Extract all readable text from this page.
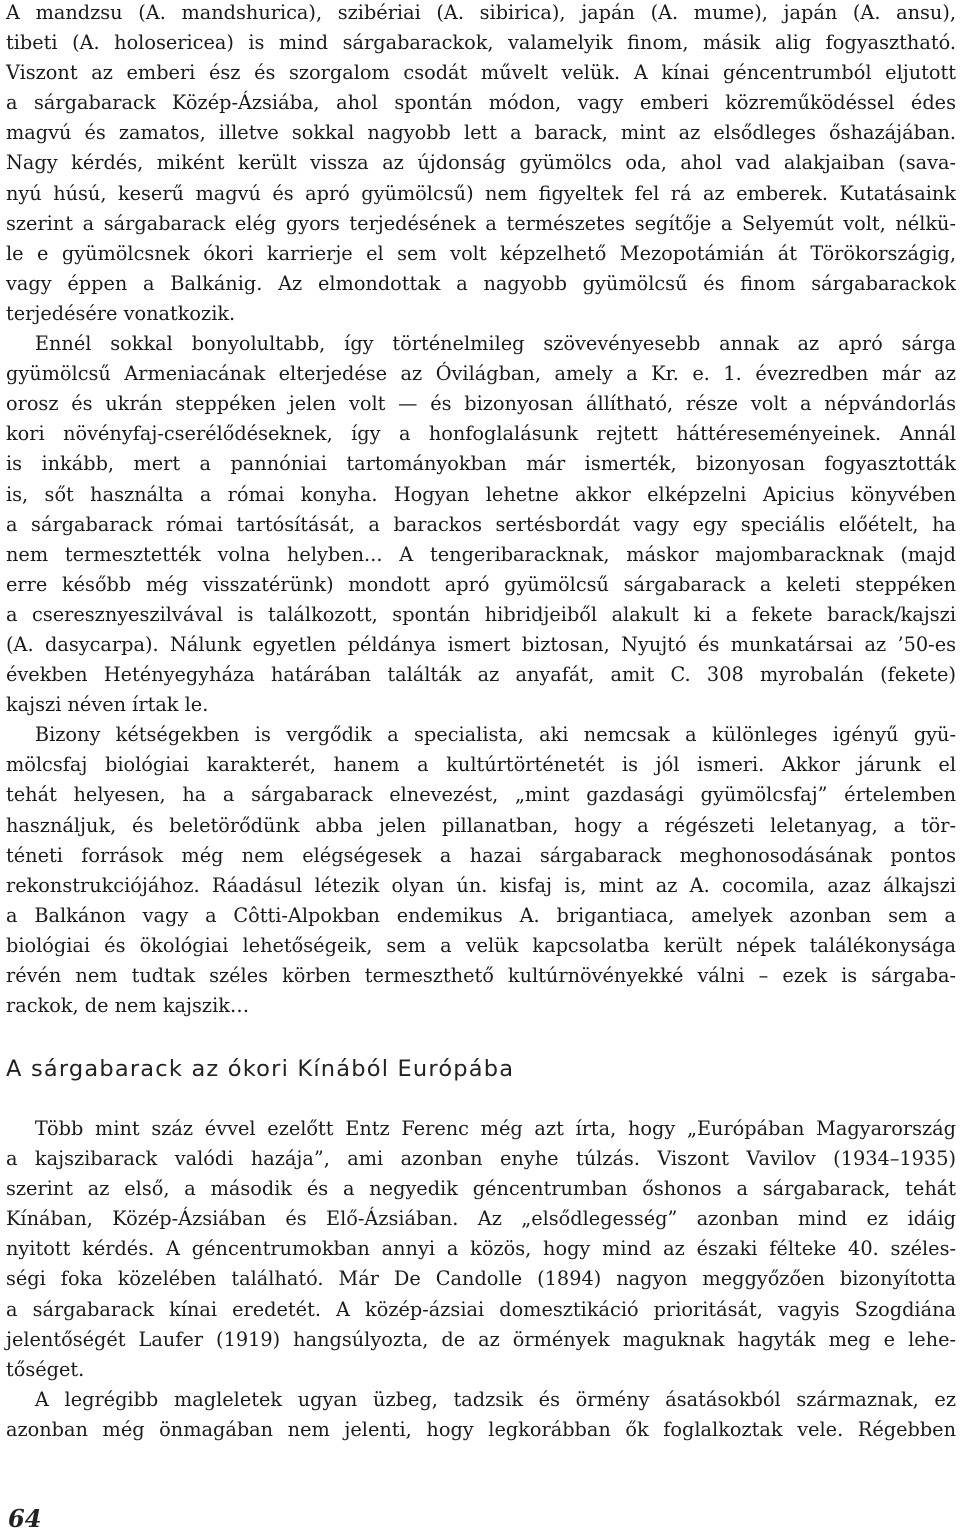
A mandzsu (A. mandshurica), szibériai (A. sibirica), japán (A. mume), japán (A. ansu),
tibeti (A. holosericea) is mind sárgabarackok, valamelyik finom, másik alig fogyasztható.
Viszont az emberi ész és szorgalom csodát művelt velük. A kínai géncentrumból eljutott
a sárgabarack Közép-Ázsiába, ahol spontán módon, vagy emberi közreműködéssel édes
magvú és zamatos, illetve sokkal nagyobb lett a barack, mint az elsődleges őshazájában.
Nagy kérdés, miként került vissza az újdonság gyümölcs oda, ahol vad alakjaiban (sava-
nyú húsú, keserű magvú és apró gyümölcsű) nem figyeltek fel rá az emberek. Kutatásaink
szerint a sárgabarack elég gyors terjedésének a természetes segítője a Selyemút volt, nélkü-
le e gyümölcsnek ókori karrierje el sem volt képzelhető Mezopotámián át Törökországig,
vagy éppen a Balkánig. Az elmondottak a nagyobb gyümölcsű és finom sárgabarackok
terjedésére vonatkozik.
  Ennél sokkal bonyolultabb, így történelmileg szövevényesebb annak az apró sárga
gyümölcsű Armeniacának elterjedése az Óvilágban, amely a Kr. e. 1. évezredben már az
orosz és ukrán steppéken jelen volt — és bizonyosan állítható, része volt a népvándorlás
kori növényfaj-cserélődéseknek, így a honfoglalásunk rejtett háttéreseményeinek. Annál
is inkább, mert a pannóniai tartományokban már ismerték, bizonyosan fogyasztották
is, sőt használta a római konyha. Hogyan lehetne akkor elképzelni Apicius könyvében
a sárgabarack római tartósítását, a barackos sertésbordát vagy egy speciális előételt, ha
nem termesztették volna helyben... A tengeribaracknak, máskor majombaracknak (majd
erre később még visszatérünk) mondott apró gyümölcsű sárgabarack a keleti steppéken
a cseresznyeszilvával is találkozott, spontán hibridjeiből alakult ki a fekete barack/kajszi
(A. dasycarpa). Nálunk egyetlen példánya ismert biztosan, Nyujtó és munkatársai az ’50-es
években Hetényegyháza határában találták az anyafát, amit C. 308 myrobalán (fekete)
kajszi néven írtak le.
  Bizony kétségekben is vergődik a specialista, aki nemcsak a különleges igényű gyü-
mölcsfaj biológiai karakterét, hanem a kultúrtörténetét is jól ismeri. Akkor járunk el
tehát helyesen, ha a sárgabarack elnevezést, „mint gazdasági gyümölcsfaj” értelemben
használjuk, és beletörődünk abba jelen pillanatban, hogy a régészeti leletanyag, a tör-
téneti források még nem elégségesek a hazai sárgabarack meghonosodásának pontos
rekonstrukciójához. Ráadásul létezik olyan ún. kisfaj is, mint az A. cocomila, azaz álkajszi
a Balkánon vagy a Côtti-Alpokban endemikus A. brigantiaca, amelyek azonban sem a
biológiai és ökológiai lehetőségeik, sem a velük kapcsolatba került népek találékonysága
révén nem tudtak széles körben termeszthető kultúrnövényekké válni – ezek is sárgaba-
rackok, de nem kajszik…
A sárgabarack az ókori Kínából Európába
  Több mint száz évvel ezelőtt Entz Ferenc még azt írta, hogy „Európában Magyarország
a kajszibarack valódi hazája”, ami azonban enyhe túlzás. Viszont Vavilov (1934–1935)
szerint az első, a második és a negyedik géncentrumban őshonos a sárgabarack, tehát
Kínában, Közép-Ázsiában és Elő-Ázsiában. Az „elsődlegesség” azonban mind ez idáig
nyitott kérdés. A géncentrumokban annyi a közös, hogy mind az északi félteke 40. széles-
ségi foka közelében található. Már De Candolle (1894) nagyon meggyőzően bizonyította
a sárgabarack kínai eredetét. A közép-ázsiai domesztikáció prioritását, vagyis Szogdiána
jelentőségét Laufer (1919) hangsúlyozta, de az örmények maguknak hagyták meg e lehe-
tőséget.
  A legrégibb magleletek ugyan üzbeg, tadzsik és örmény ásatásokból származnak, ez
azonban még önmagában nem jelenti, hogy legkorábban ők foglalkoztak vele. Régebben
64
